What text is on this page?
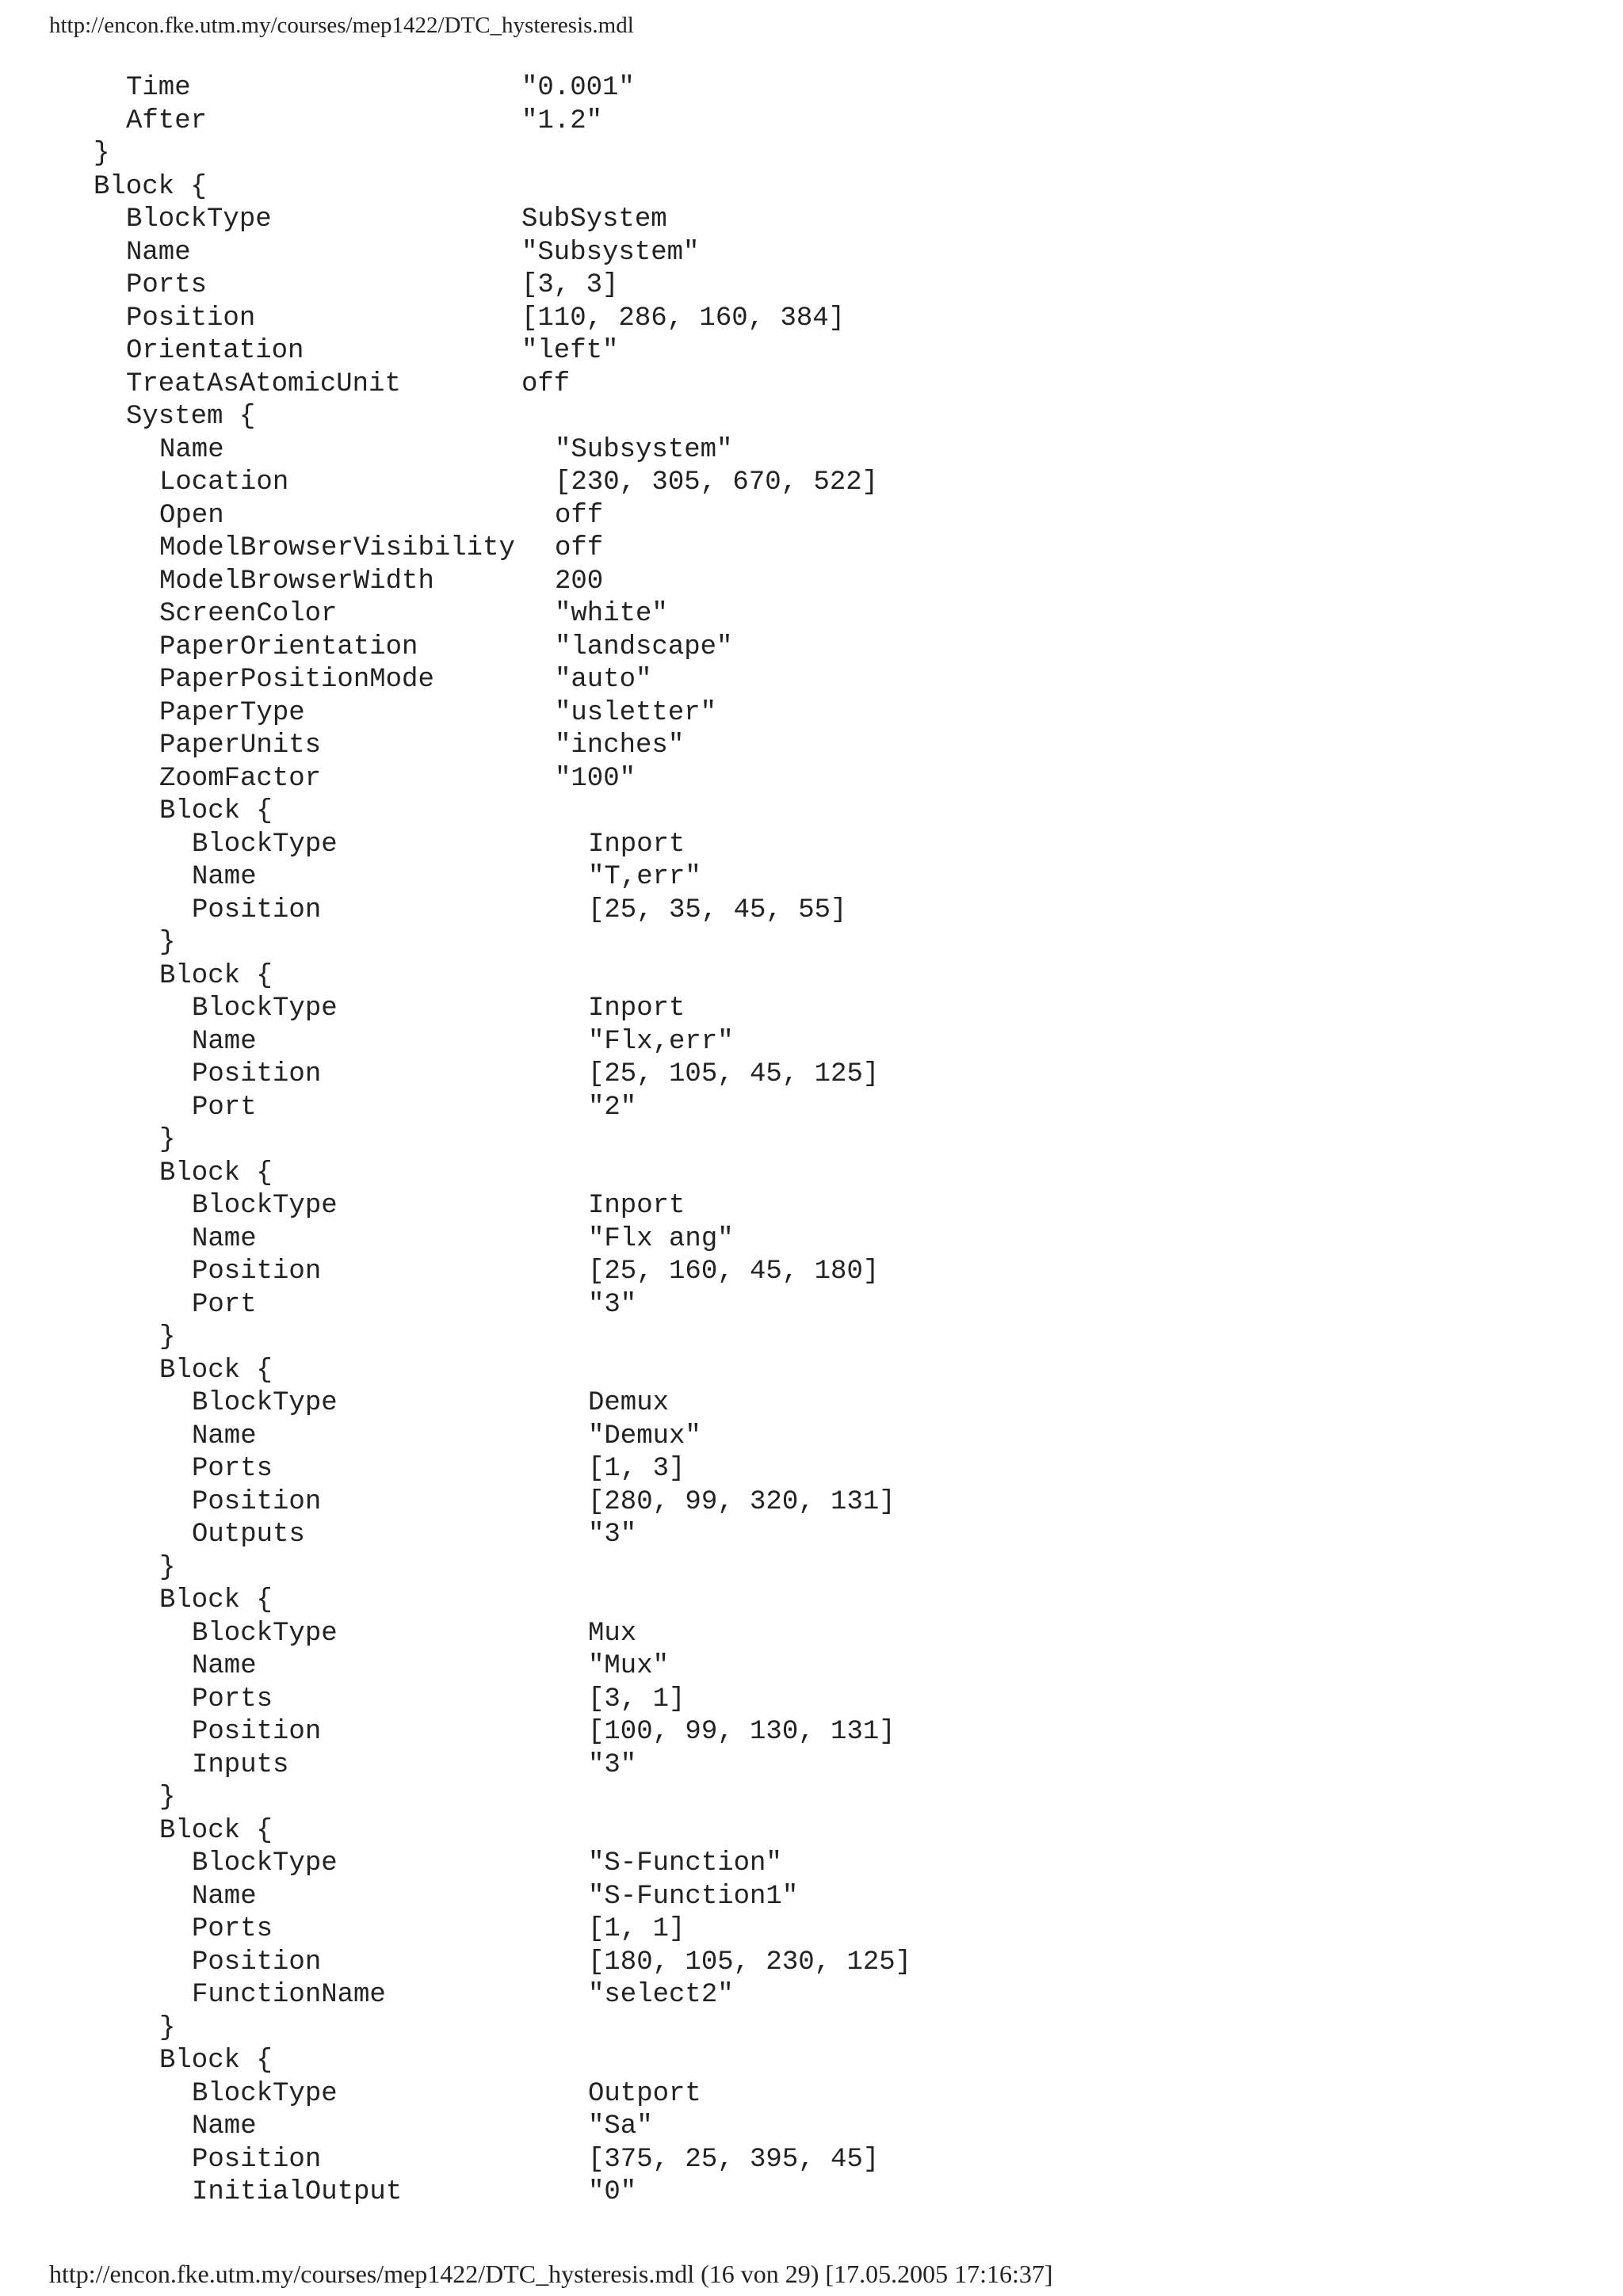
http://encon.fke.utm.my/courses/mep1422/DTC_hysteresis.mdl
Time	"0.001"
After	"1.2"
}
Block {
BlockType	SubSystem
Name	"Subsystem"
Ports	[3, 3]
Position	[110, 286, 160, 384]
Orientation	"left"
TreatAsAtomicUnit	off
System {
Name	"Subsystem"
Location	[230, 305, 670, 522]
Open	off
ModelBrowserVisibility off
ModelBrowserWidth	200
ScreenColor	"white"
PaperOrientation	"landscape"
PaperPositionMode	"auto"
PaperType	"usletter"
PaperUnits	"inches"
ZoomFactor	"100"
Block {
BlockType	Inport
Name	"T,err"
Position	[25, 35, 45, 55]
}
Block {
BlockType	Inport
Name	"Flx,err"
Position	[25, 105, 45, 125]
Port	"2"
}
Block {
BlockType	Inport
Name	"Flx ang"
Position	[25, 160, 45, 180]
Port	"3"
}
Block {
BlockType	Demux
Name	"Demux"
Ports	[1, 3]
Position	[280, 99, 320, 131]
Outputs	"3"
}
Block {
BlockType	Mux
Name	"Mux"
Ports	[3, 1]
Position	[100, 99, 130, 131]
Inputs	"3"
}
Block {
BlockType	"S-Function"
Name	"S-Function1"
Ports	[1, 1]
Position	[180, 105, 230, 125]
FunctionName	"select2"
}
Block {
BlockType	Outport
Name	"Sa"
Position	[375, 25, 395, 45]
InitialOutput	"0"
http://encon.fke.utm.my/courses/mep1422/DTC_hysteresis.mdl (16 von 29) [17.05.2005 17:16:37]
